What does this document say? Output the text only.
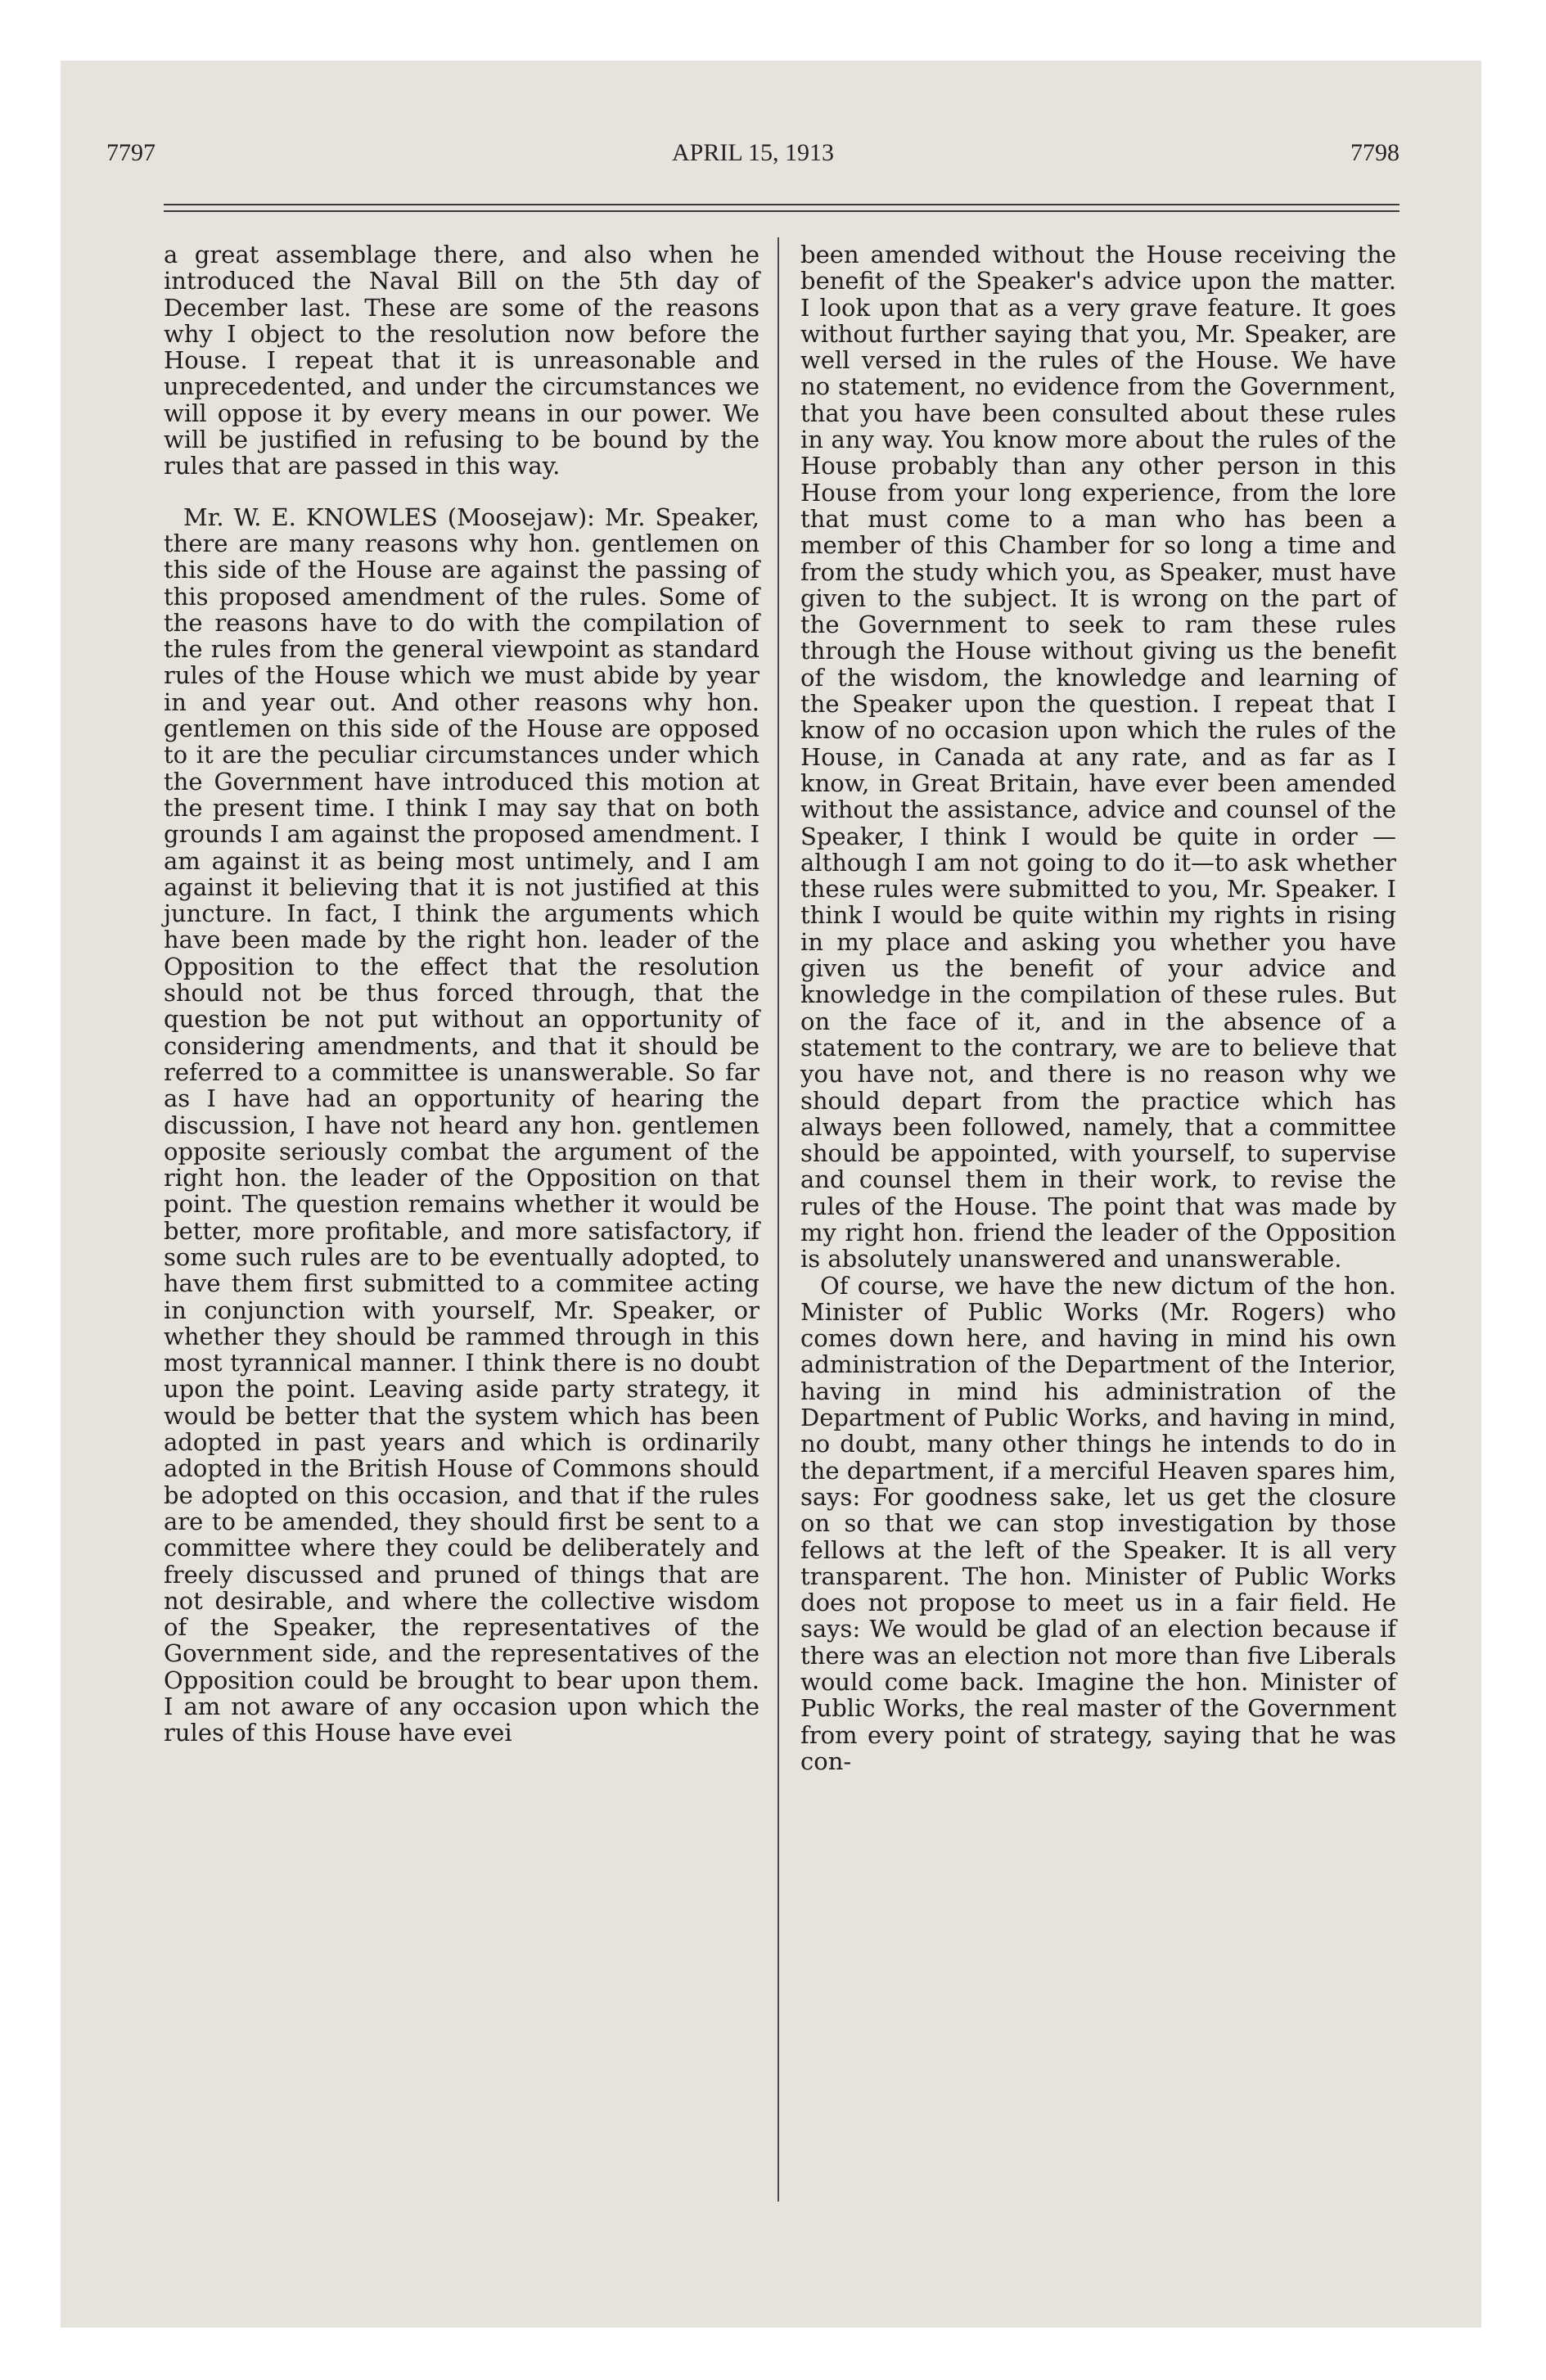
7797	APRIL 15, 1913	7798

a great assemblage there, and also when he introduced the Naval Bill on the 5th day of December last. These are some of the reasons why I object to the resolution now before the House. I repeat that it is unreasonable and unprecedented, and under the circumstances we will oppose it by every means in our power. We will be justified in refusing to be bound by the rules that are passed in this way.

Mr. W. E. KNOWLES (Moosejaw): Mr. Speaker, there are many reasons why hon. gentlemen on this side of the House are against the passing of this proposed amendment of the rules. Some of the reasons have to do with the compilation of the rules from the general viewpoint as standard rules of the House which we must abide by year in and year out. And other reasons why hon. gentlemen on this side of the House are opposed to it are the peculiar circumstances under which the Government have introduced this motion at the present time. I think I may say that on both grounds I am against the proposed amendment. I am against it as being most untimely, and I am against it believing that it is not justified at this juncture. In fact, I think the arguments which have been made by the right hon. leader of the Opposition to the effect that the resolution should not be thus forced through, that the question be not put without an opportunity of considering amendments, and that it should be referred to a committee is unanswerable. So far as I have had an opportunity of hearing the discussion, I have not heard any hon. gentlemen opposite seriously combat the argument of the right hon. the leader of the Opposition on that point. The question remains whether it would be better, more profitable, and more satisfactory, if some such rules are to be eventually adopted, to have them first submitted to a commitee acting in conjunction with yourself, Mr. Speaker, or whether they should be rammed through in this most tyrannical manner. I think there is no doubt upon the point. Leaving aside party strategy, it would be better that the system which has been adopted in past years and which is ordinarily adopted in the British House of Commons should be adopted on this occasion, and that if the rules are to be amended, they should first be sent to a committee where they could be deliberately and freely discussed and pruned of things that are not desirable, and where the collective wisdom of the Speaker, the representatives of the Government side, and the representatives of the Opposition could be brought to bear upon them. I am not aware of any occasion upon which the rules of this House have evei

been amended without the House receiving the benefit of the Speaker's advice upon the matter. I look upon that as a very grave feature. It goes without further saying that you, Mr. Speaker, are well versed in the rules of the House. We have no statement, no evidence from the Government, that you have been consulted about these rules in any way. You know more about the rules of the House probably than any other person in this House from your long experience, from the lore that must come to a man who has been a member of this Chamber for so long a time and from the study which you, as Speaker, must have given to the subject. It is wrong on the part of the Government to seek to ram these rules through the House without giving us the benefit of the wisdom, the knowledge and learning of the Speaker upon the question. I repeat that I know of no occasion upon which the rules of the House, in Canada at any rate, and as far as I know, in Great Britain, have ever been amended without the assistance, advice and counsel of the Speaker, I think I would be quite in order —although I am not going to do it—to ask whether these rules were submitted to you, Mr. Speaker. I think I would be quite within my rights in rising in my place and asking you whether you have given us the benefit of your advice and knowledge in the compilation of these rules. But on the face of it, and in the absence of a statement to the contrary, we are to believe that you have not, and there is no reason why we should depart from the practice which has always been followed, namely, that a committee should be appointed, with yourself, to supervise and counsel them in their work, to revise the rules of the House. The point that was made by my right hon. friend the leader of the Opposition is absolutely unanswered and unanswerable.

Of course, we have the new dictum of the hon. Minister of Public Works (Mr. Rogers) who comes down here, and having in mind his own administration of the Department of the Interior, having in mind his administration of the Department of Public Works, and having in mind, no doubt, many other things he intends to do in the department, if a merciful Heaven spares him, says: For goodness sake, let us get the closure on so that we can stop investigation by those fellows at the left of the Speaker. It is all very transparent. The hon. Minister of Public Works does not propose to meet us in a fair field. He says: We would be glad of an election because if there was an election not more than five Liberals would come back. Imagine the hon. Minister of Public Works, the real master of the Government from every point of strategy, saying that he was con-
